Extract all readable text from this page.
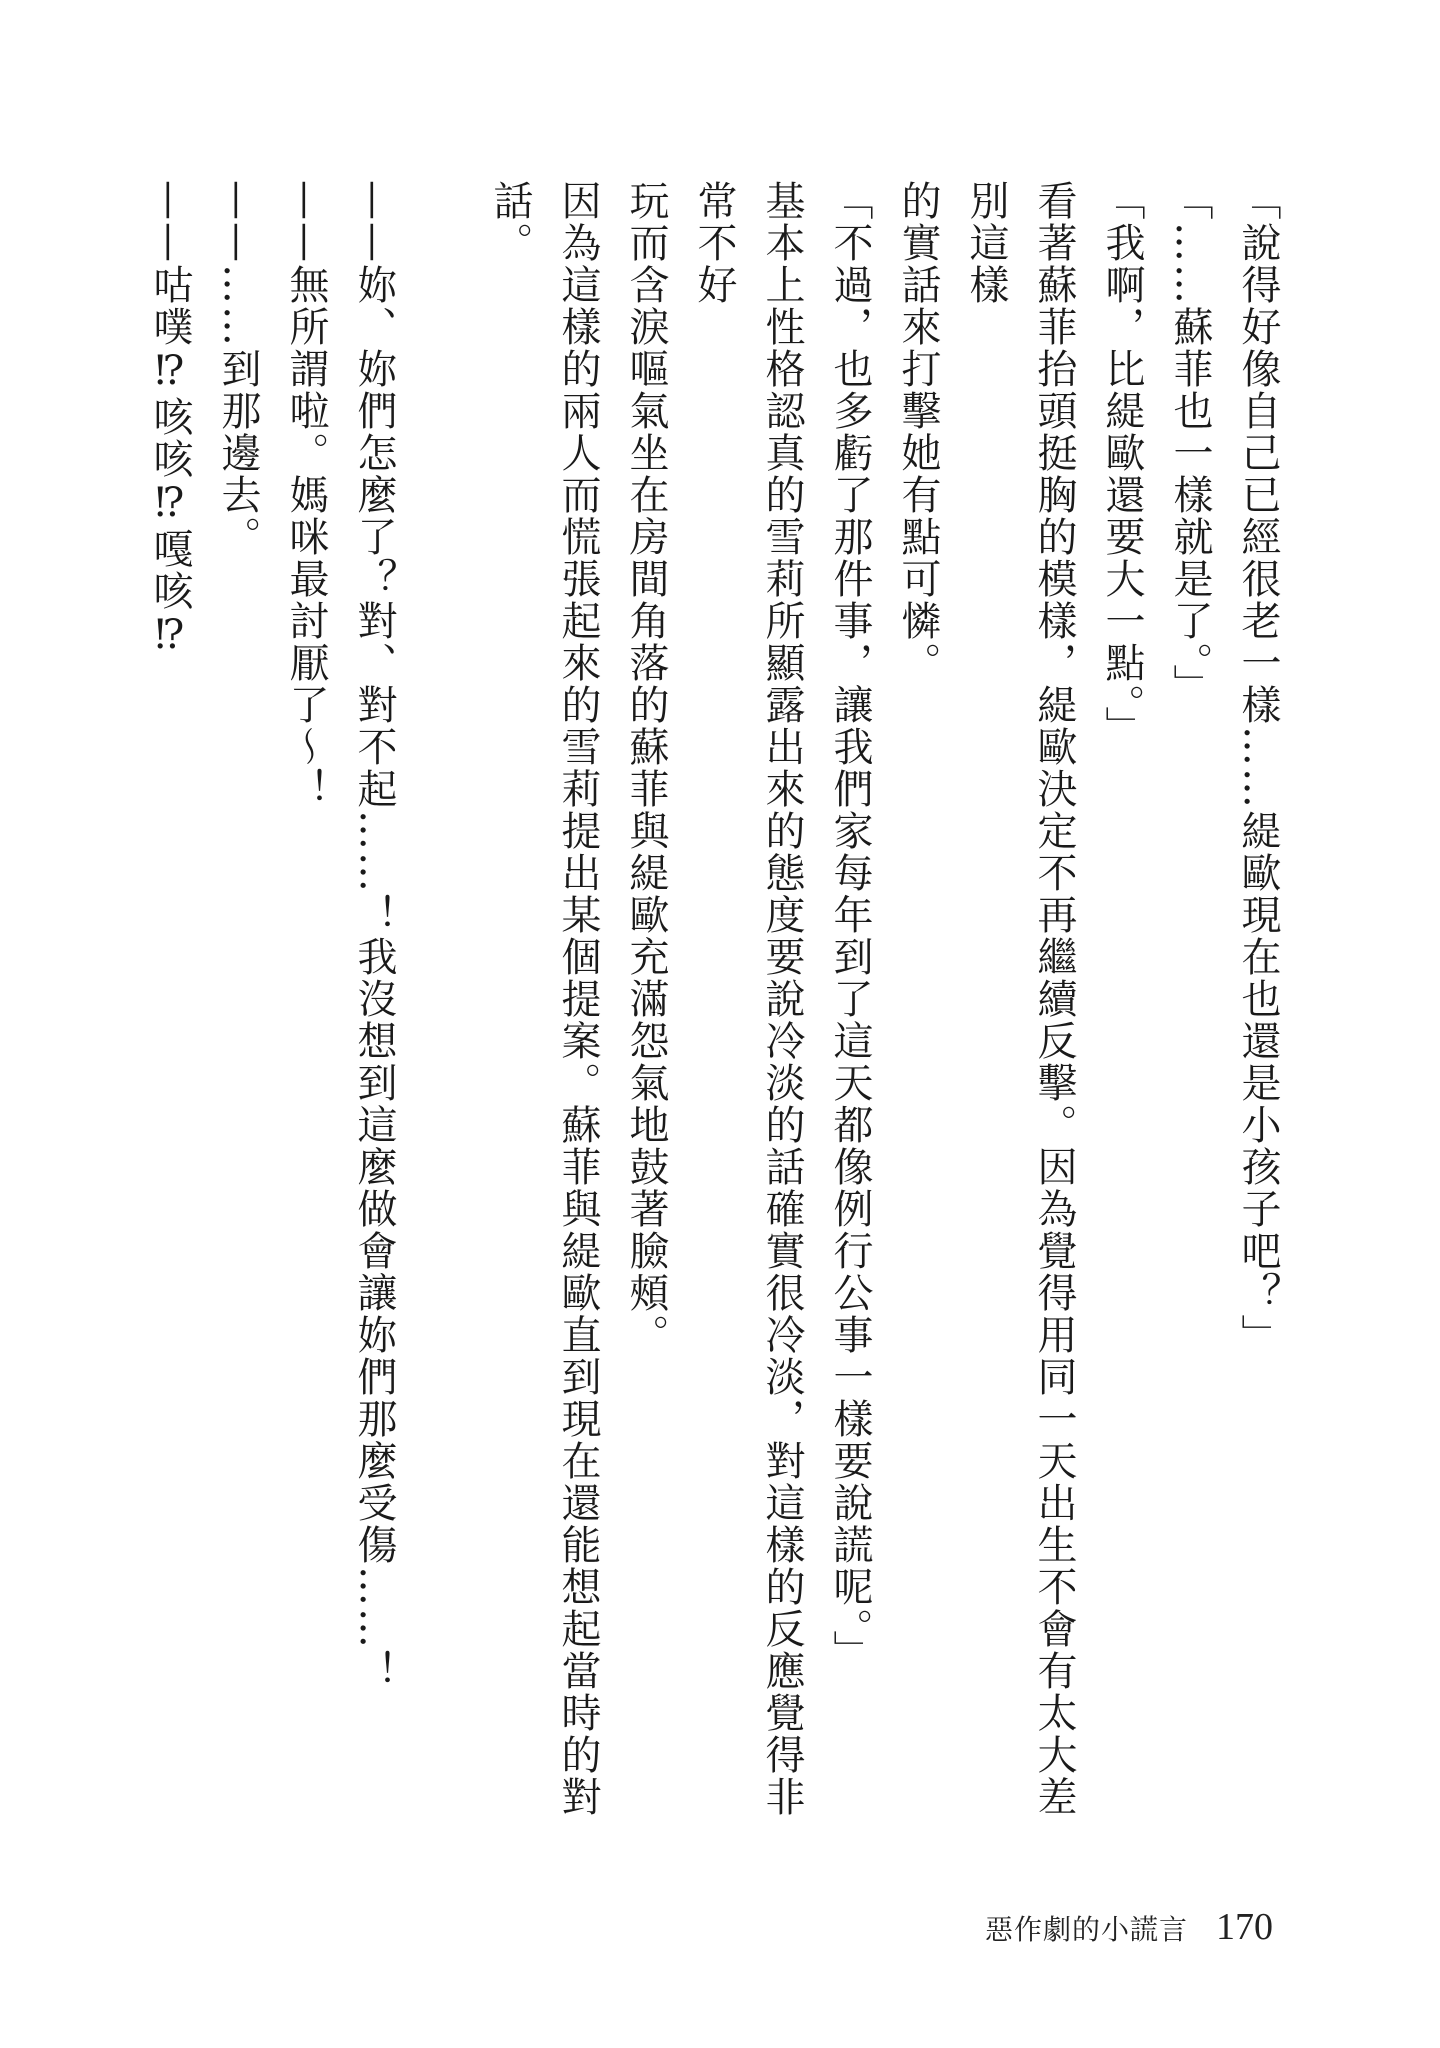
「說得好像自己已經很老一樣……緹歐現在也還是小孩子吧？」

「……蘇菲也一樣就是了。」

「我啊，比緹歐還要大一點。」

看著蘇菲抬頭挺胸的模樣，緹歐決定不再繼續反擊。因為覺得用同一天出生不會有太大差別這樣

的實話來打擊她有點可憐。

「不過，也多虧了那件事，讓我們家每年到了這天都像例行公事一樣要說謊呢。」

基本上性格認真的雪莉所顯露出來的態度要說冷淡的話確實很冷淡，對這樣的反應覺得非常不好

玩而含淚嘔氣坐在房間角落的蘇菲與緹歐充滿怨氣地鼓著臉頰。

因為這樣的兩人而慌張起來的雪莉提出某個提案。蘇菲與緹歐直到現在還能想起當時的對話。

——妳、妳們怎麼了？對、對不起……！我沒想到這麼做會讓妳們那麼受傷……！

——無所謂啦。媽咪最討厭了～！

——……到那邊去。

——咕噗⁉咳咳⁉嘎咳⁉

惡作劇的小謊言 170
